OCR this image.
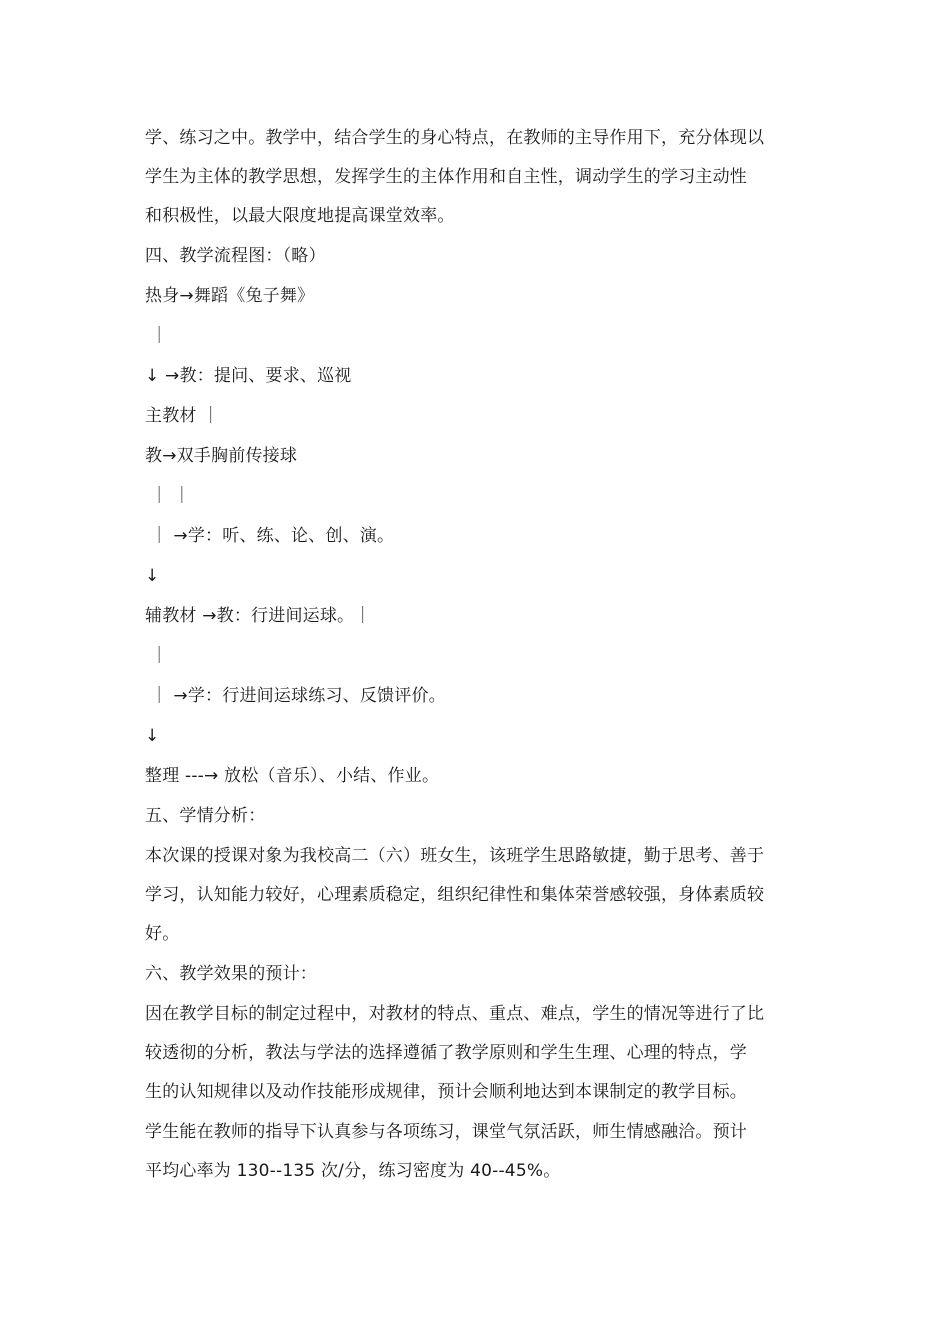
学、练习之中。教学中，结合学生的身心特点，在教师的主导作用下，充分体现以
学生为主体的教学思想，发挥学生的主体作用和自主性，调动学生的学习主动性
和积极性，以最大限度地提高课堂效率。
四、教学流程图：（略）
热身→舞蹈《兔子舞》
｜
↓ →教：提问、要求、巡视
主教材 ｜
教→双手胸前传接球
｜ ｜
｜ →学：听、练、论、创、演。
↓
辅教材 →教：行进间运球。｜
｜
｜ →学：行进间运球练习、反馈评价。
↓
整理 ---→ 放松（音乐）、小结、作业。
五、学情分析：
本次课的授课对象为我校高二（六）班女生，该班学生思路敏捷，勤于思考、善于
学习，认知能力较好，心理素质稳定，组织纪律性和集体荣誉感较强，身体素质较
好。
六、教学效果的预计：
因在教学目标的制定过程中，对教材的特点、重点、难点，学生的情况等进行了比
较透彻的分析，教法与学法的选择遵循了教学原则和学生生理、心理的特点，学
生的认知规律以及动作技能形成规律，预计会顺利地达到本课制定的教学目标。
学生能在教师的指导下认真参与各项练习，课堂气氛活跃，师生情感融洽。预计
平均心率为 130--135 次/分，练习密度为 40--45%。
